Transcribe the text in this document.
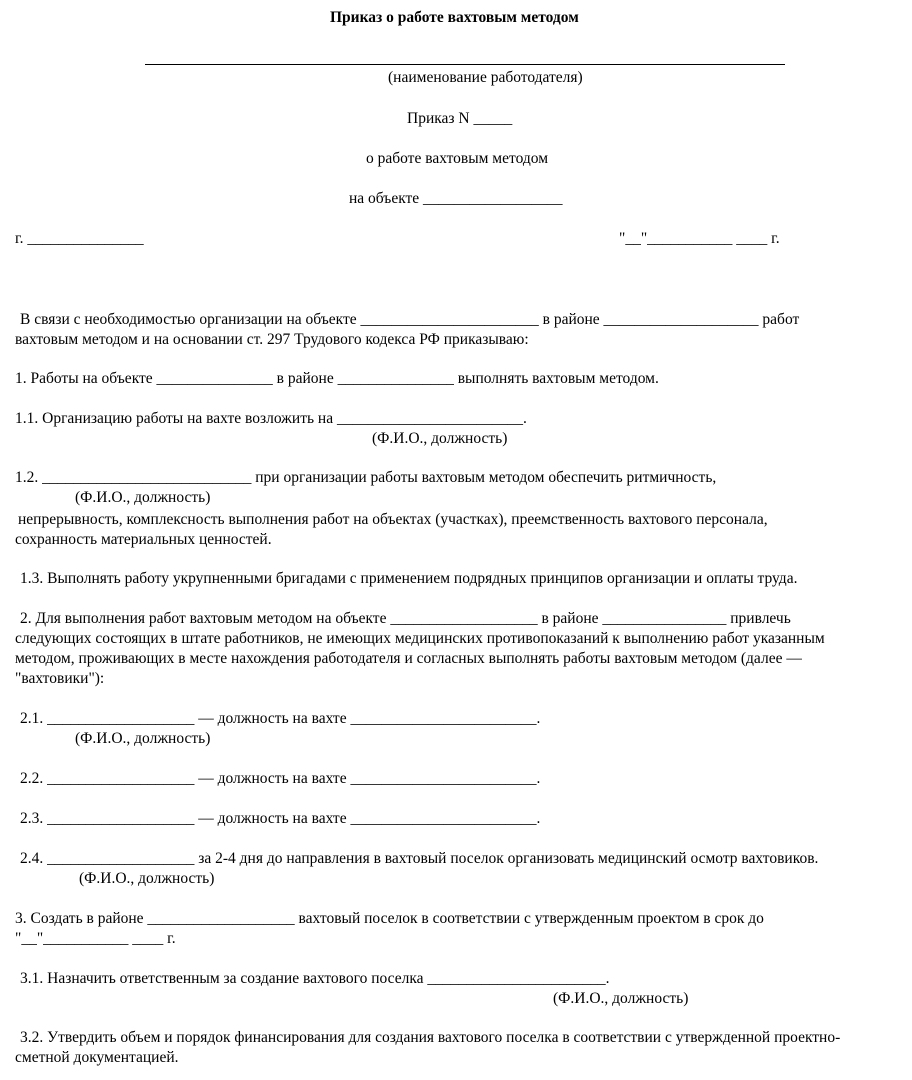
Приказ о работе вахтовым методом
(наименование работодателя)
Приказ N _____
о работе вахтовым методом
на объекте __________________
г. _______________	"__"___________ ____ г.
В связи с необходимостью организации на объекте _______________________ в районе ____________________ работ
вахтовым методом и на основании ст. 297 Трудового кодекса РФ приказываю:
1. Работы на объекте _______________ в районе _______________ выполнять вахтовым методом.
1.1. Организацию работы на вахте возложить на ________________________.
(Ф.И.О., должность)
1.2. ___________________________ при организации работы вахтовым методом обеспечить ритмичность,
(Ф.И.О., должность)
непрерывность, комплексность выполнения работ на объектах (участках), преемственность вахтового персонала,
сохранность материальных ценностей.
1.3. Выполнять работу укрупненными бригадами с применением подрядных принципов организации и оплаты труда.
2. Для выполнения работ вахтовым методом на объекте ___________________ в районе ________________ привлечь
следующих состоящих в штате работников, не имеющих медицинских противопоказаний к выполнению работ указанным
методом, проживающих в месте нахождения работодателя и согласных выполнять работы вахтовым методом (далее —
"вахтовики"):
2.1. ___________________ — должность на вахте ________________________.
(Ф.И.О., должность)
2.2. ___________________ — должность на вахте ________________________.
2.3. ___________________ — должность на вахте ________________________.
2.4. ___________________ за 2-4 дня до направления в вахтовый поселок организовать медицинский осмотр вахтовиков.
(Ф.И.О., должность)
3. Создать в районе ___________________ вахтовый поселок в соответствии с утвержденным проектом в срок до
"__"___________ ____ г.
3.1. Назначить ответственным за создание вахтового поселка _______________________.
(Ф.И.О., должность)
3.2. Утвердить объем и порядок финансирования для создания вахтового поселка в соответствии с утвержденной проектно-
сметной документацией.
